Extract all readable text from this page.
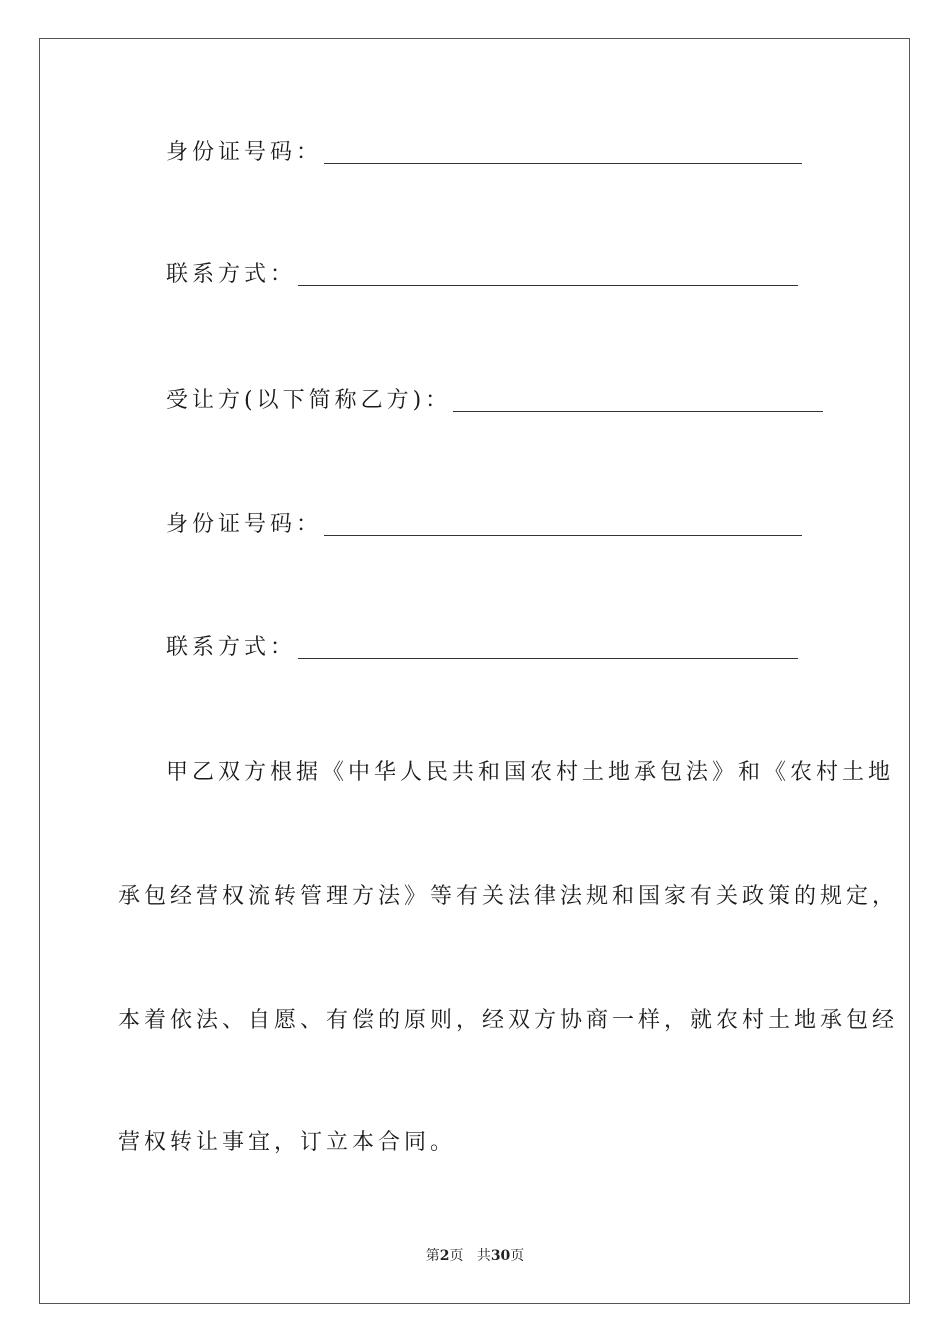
身份证号码：
联系方式：
受让方(以下简称乙方)：
身份证号码：
联系方式：
甲乙双方根据《中华人民共和国农村土地承包法》和《农村土地
承包经营权流转管理方法》等有关法律法规和国家有关政策的规定，
本着依法、自愿、有偿的原则，经双方协商一样，就农村土地承包经
营权转让事宜，订立本合同。
第2页 共30页
